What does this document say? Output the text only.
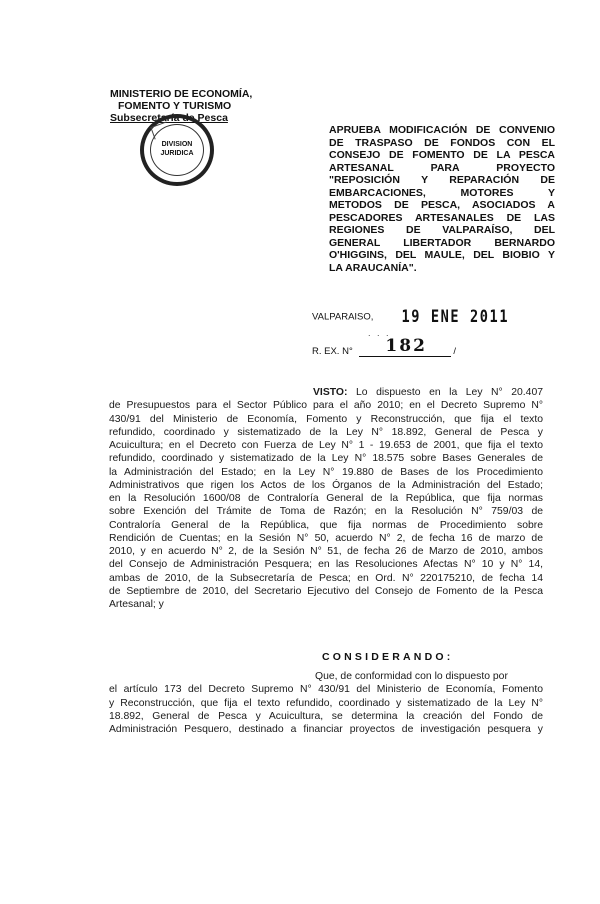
MINISTERIO DE ECONOMÍA,
FOMENTO Y TURISMO
Subsecretaría de Pesca
DIVISION
JURIDICA
APRUEBA MODIFICACIÓN DE CONVENIO
DE TRASPASO DE FONDOS CON EL
CONSEJO DE FOMENTO DE LA PESCA
ARTESANAL PARA PROYECTO
"REPOSICIÓN Y REPARACIÓN DE
EMBARCACIONES, MOTORES Y
METODOS DE PESCA, ASOCIADOS A
PESCADORES ARTESANALES DE LAS
REGIONES DE VALPARAÍSO, DEL
GENERAL LIBERTADOR BERNARDO
O'HIGGINS, DEL MAULE, DEL BIOBIO Y
LA ARAUCANÍA".
VALPARAISO, 19 ENE 2011
. . .
R. EX. N° 182	/
VISTO: Lo dispuesto en la Ley N° 20.407
de Presupuestos para el Sector Público para el año 2010; en el Decreto Supremo N°
430/91 del Ministerio de Economía, Fomento y Reconstrucción, que fija el texto
refundido, coordinado y sistematizado de la Ley N° 18.892, General de Pesca y
Acuicultura; en el Decreto con Fuerza de Ley N° 1 - 19.653 de 2001, que fija el texto
refundido, coordinado y sistematizado de la Ley N° 18.575 sobre Bases Generales de
la Administración del Estado; en la Ley N° 19.880 de Bases de los Procedimiento
Administrativos que rigen los Actos de los Órganos de la Administración del Estado;
en la Resolución 1600/08 de Contraloría General de la República, que fija normas
sobre Exención del Trámite de Toma de Razón; en la Resolución N° 759/03 de
Contraloría General de la República, que fija normas de Procedimiento sobre
Rendición de Cuentas; en la Sesión N° 50, acuerdo N° 2, de fecha 16 de marzo de
2010, y en acuerdo N° 2, de la Sesión N° 51, de fecha 26 de Marzo de 2010, ambos
del Consejo de Administración Pesquera; en las Resoluciones Afectas N° 10 y N° 14,
ambas de 2010, de la Subsecretaría de Pesca; en Ord. N° 220175210, de fecha 14
de Septiembre de 2010, del Secretario Ejecutivo del Consejo de Fomento de la Pesca
Artesanal; y
CONSIDERANDO:
Que, de conformidad con lo dispuesto por
el artículo 173 del Decreto Supremo N° 430/91 del Ministerio de Economía, Fomento
y Reconstrucción, que fija el texto refundido, coordinado y sistematizado de la Ley N°
18.892, General de Pesca y Acuicultura, se determina la creación del Fondo de
Administración Pesquero, destinado a financiar proyectos de investigación pesquera y
